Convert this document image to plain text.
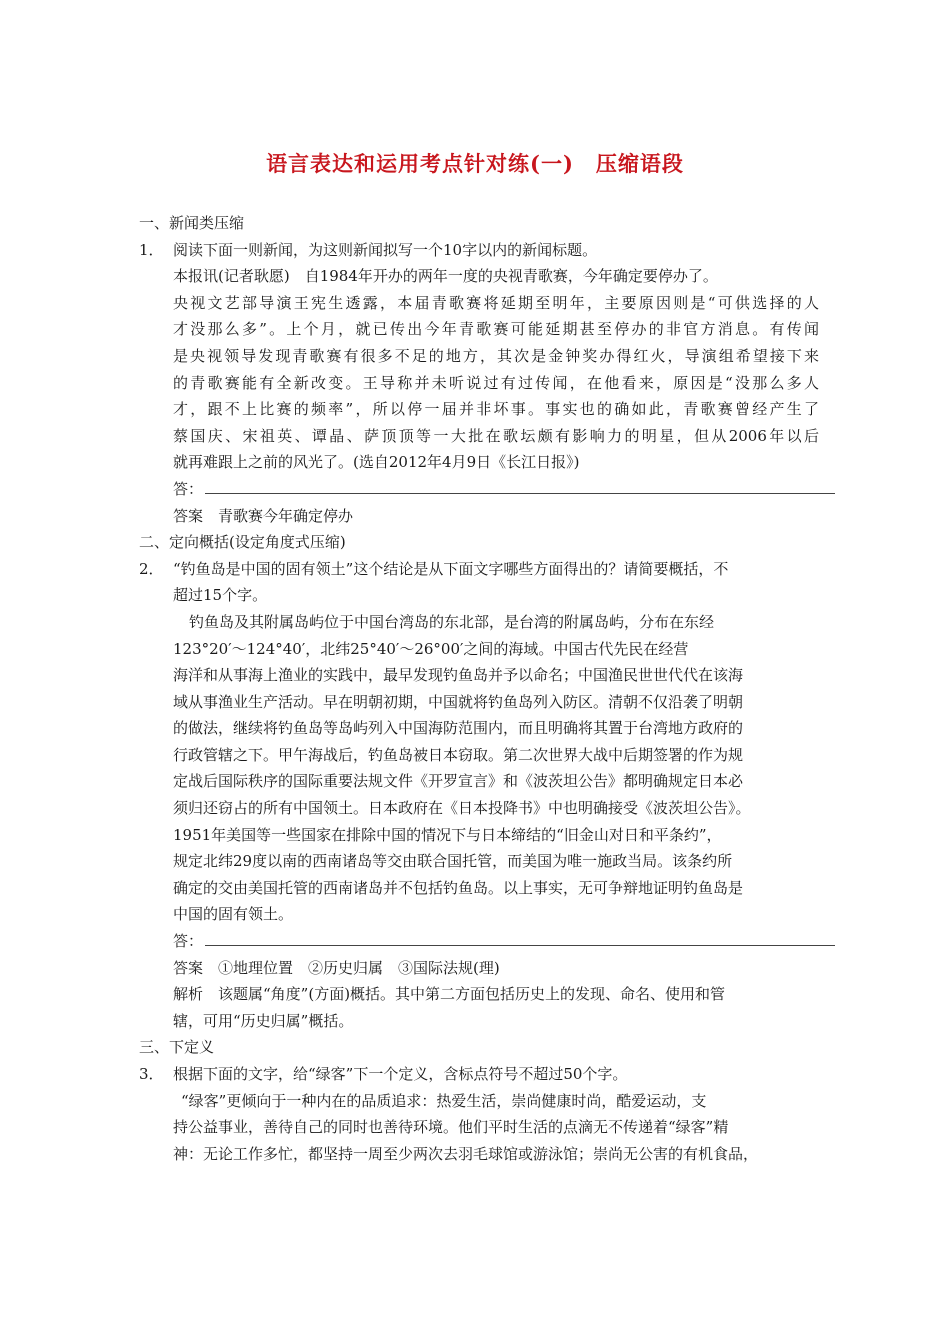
语言表达和运用考点针对练(一)　压缩语段
一、新闻类压缩
1． 阅读下面一则新闻，为这则新闻拟写一个10字以内的新闻标题。
本报讯(记者耿愿)　自1984年开办的两年一度的央视青歌赛，今年确定要停办了。
央视文艺部导演王宪生透露，本届青歌赛将延期至明年，主要原因则是“可供选择的人
才没那么多”。上个月，就已传出今年青歌赛可能延期甚至停办的非官方消息。有传闻
是央视领导发现青歌赛有很多不足的地方，其次是金钟奖办得红火，导演组希望接下来
的青歌赛能有全新改变。王导称并未听说过有过传闻，在他看来，原因是“没那么多人
才，跟不上比赛的频率”，所以停一届并非坏事。事实也的确如此，青歌赛曾经产生了
蔡国庆、宋祖英、谭晶、萨顶顶等一大批在歌坛颇有影响力的明星，但从2006年以后
就再难跟上之前的风光了。(选自2012年4月9日《长江日报》)
答：
答案　青歌赛今年确定停办
二、定向概括(设定角度式压缩)
2． “钓鱼岛是中国的固有领土”这个结论是从下面文字哪些方面得出的？请简要概括，不
超过15个字。
钓鱼岛及其附属岛屿位于中国台湾岛的东北部，是台湾的附属岛屿，分布在东经
123°20′～124°40′，北纬25°40′～26°00′之间的海域。中国古代先民在经营
海洋和从事海上渔业的实践中，最早发现钓鱼岛并予以命名；中国渔民世世代代在该海
域从事渔业生产活动。早在明朝初期，中国就将钓鱼岛列入防区。清朝不仅沿袭了明朝
的做法，继续将钓鱼岛等岛屿列入中国海防范围内，而且明确将其置于台湾地方政府的
行政管辖之下。甲午海战后，钓鱼岛被日本窃取。第二次世界大战中后期签署的作为规
定战后国际秩序的国际重要法规文件《开罗宣言》和《波茨坦公告》都明确规定日本必
须归还窃占的所有中国领土。日本政府在《日本投降书》中也明确接受《波茨坦公告》。
1951年美国等一些国家在排除中国的情况下与日本缔结的“旧金山对日和平条约”，
规定北纬29度以南的西南诸岛等交由联合国托管，而美国为唯一施政当局。该条约所
确定的交由美国托管的西南诸岛并不包括钓鱼岛。以上事实，无可争辩地证明钓鱼岛是
中国的固有领土。
答：
答案　①地理位置　②历史归属　③国际法规(理)
解析　该题属“角度”(方面)概括。其中第二方面包括历史上的发现、命名、使用和管
辖，可用“历史归属”概括。
三、下定义
3． 根据下面的文字，给“绿客”下一个定义，含标点符号不超过50个字。
“绿客”更倾向于一种内在的品质追求：热爱生活，崇尚健康时尚，酷爱运动，支
持公益事业，善待自己的同时也善待环境。他们平时生活的点滴无不传递着“绿客”精
神：无论工作多忙，都坚持一周至少两次去羽毛球馆或游泳馆；崇尚无公害的有机食品，
